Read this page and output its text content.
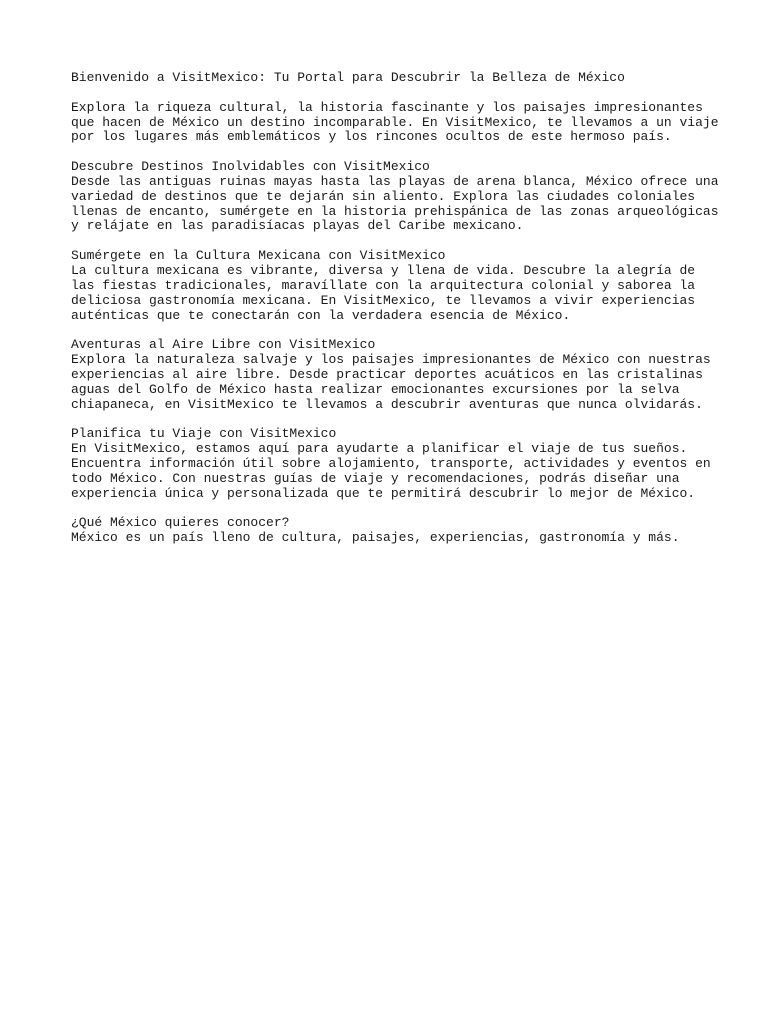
Bienvenido a VisitMexico: Tu Portal para Descubrir la Belleza de México
Explora la riqueza cultural, la historia fascinante y los paisajes impresionantes
que hacen de México un destino incomparable. En VisitMexico, te llevamos a un viaje
por los lugares más emblemáticos y los rincones ocultos de este hermoso país.
Descubre Destinos Inolvidables con VisitMexico
Desde las antiguas ruinas mayas hasta las playas de arena blanca, México ofrece una
variedad de destinos que te dejarán sin aliento. Explora las ciudades coloniales
llenas de encanto, sumérgete en la historia prehispánica de las zonas arqueológicas
y relájate en las paradisíacas playas del Caribe mexicano.
Sumérgete en la Cultura Mexicana con VisitMexico
La cultura mexicana es vibrante, diversa y llena de vida. Descubre la alegría de
las fiestas tradicionales, maravíllate con la arquitectura colonial y saborea la
deliciosa gastronomía mexicana. En VisitMexico, te llevamos a vivir experiencias
auténticas que te conectarán con la verdadera esencia de México.
Aventuras al Aire Libre con VisitMexico
Explora la naturaleza salvaje y los paisajes impresionantes de México con nuestras
experiencias al aire libre. Desde practicar deportes acuáticos en las cristalinas
aguas del Golfo de México hasta realizar emocionantes excursiones por la selva
chiapaneca, en VisitMexico te llevamos a descubrir aventuras que nunca olvidarás.
Planifica tu Viaje con VisitMexico
En VisitMexico, estamos aquí para ayudarte a planificar el viaje de tus sueños.
Encuentra información útil sobre alojamiento, transporte, actividades y eventos en
todo México. Con nuestras guías de viaje y recomendaciones, podrás diseñar una
experiencia única y personalizada que te permitirá descubrir lo mejor de México.
¿Qué México quieres conocer?
México es un país lleno de cultura, paisajes, experiencias, gastronomía y más.
